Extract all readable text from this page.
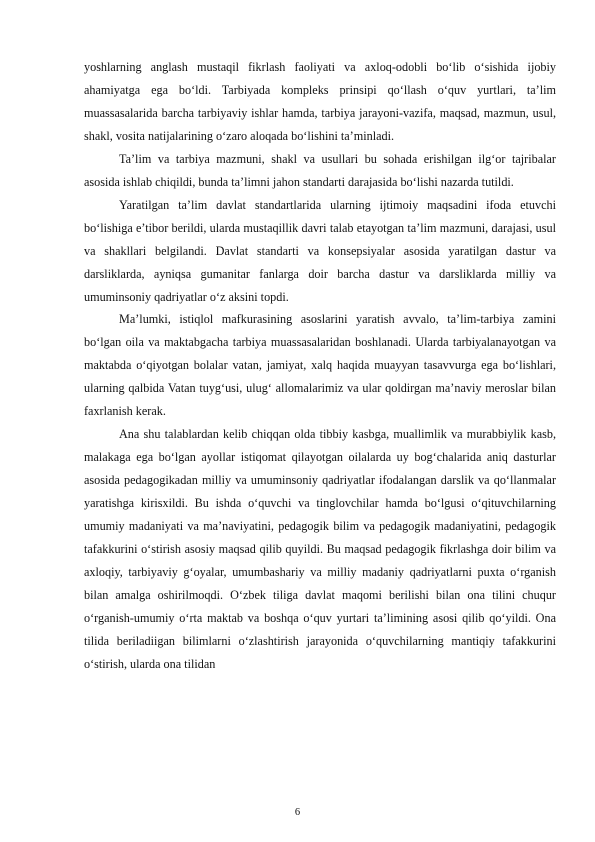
yoshlarning anglash mustaqil fikrlash faoliyati va axloq-odobli bo‘lib o‘sishida ijobiy ahamiyatga ega bo‘ldi. Tarbiyada kompleks prinsipi qo‘llash o‘quv yurtlari, ta’lim muassasalarida barcha tarbiyaviy ishlar hamda, tarbiya jarayoni-vazifa, maqsad, mazmun, usul, shakl, vosita natijalarining o‘zaro aloqada bo‘lishini ta’minladi.

Ta’lim va tarbiya mazmuni, shakl va usullari bu sohada erishilgan ilg‘or tajribalar asosida ishlab chiqildi, bunda ta’limni jahon standarti darajasida bo‘lishi nazarda tutildi.

Yaratilgan ta’lim davlat standartlarida ularning ijtimoiy maqsadini ifoda etuvchi bo‘lishiga e’tibor berildi, ularda mustaqillik davri talab etayotgan ta’lim mazmuni, darajasi, usul va shakllari belgilandi. Davlat standarti va konsepsiyalar asosida yaratilgan dastur va darsliklarda, ayniqsa gumanitar fanlarga doir barcha dastur va darsliklarda milliy va umuminsoniy qadriyatlar o‘z aksini topdi.

Ma’lumki, istiqlol mafkurasining asoslarini yaratish avvalo, ta’lim-tarbiya zamini bo‘lgan oila va maktabgacha tarbiya muassasalaridan boshlanadi. Ularda tarbiyalanayotgan va maktabda o‘qiyotgan bolalar vatan, jamiyat, xalq haqida muayyan tasavvurga ega bo‘lishlari, ularning qalbida Vatan tuyg‘usi, ulug‘ allomalarimiz va ular qoldirgan ma’naviy meroslar bilan faxrlanish kerak.

Ana shu talablardan kelib chiqqan olda tibbiy kasbga, muallimlik va murabbiylik kasb, malakaga ega bo‘lgan ayollar istiqomat qilayotgan oilalarda uy bog‘chalarida aniq dasturlar asosida pedagogikadan milliy va umuminsoniy qadriyatlar ifodalangan darslik va qo‘llanmalar yaratishga kirisxildi. Bu ishda o‘quvchi va tinglovchilar hamda bo‘lgusi o‘qituvchilarning umumiy madaniyati va ma’naviyatini, pedagogik bilim va pedagogik madaniyatini, pedagogik tafakkurini o‘stirish asosiy maqsad qilib quyildi. Bu maqsad pedagogik fikrlashga doir bilim va axloqiy, tarbiyaviy g‘oyalar, umumbashariy va milliy madaniy qadriyatlarni puxta o‘rganish bilan amalga oshirilmoqdi. O‘zbek tiliga davlat maqomi berilishi bilan ona tilini chuqur o‘rganish-umumiy o‘rta maktab va boshqa o‘quv yurtari ta’limining asosi qilib qo‘yildi. Ona tilida beriladiigan bilimlarni o‘zlashtirish jarayonida o‘quvchilarning mantiqiy tafakkurini o‘stirish, ularda ona tilidan

6
